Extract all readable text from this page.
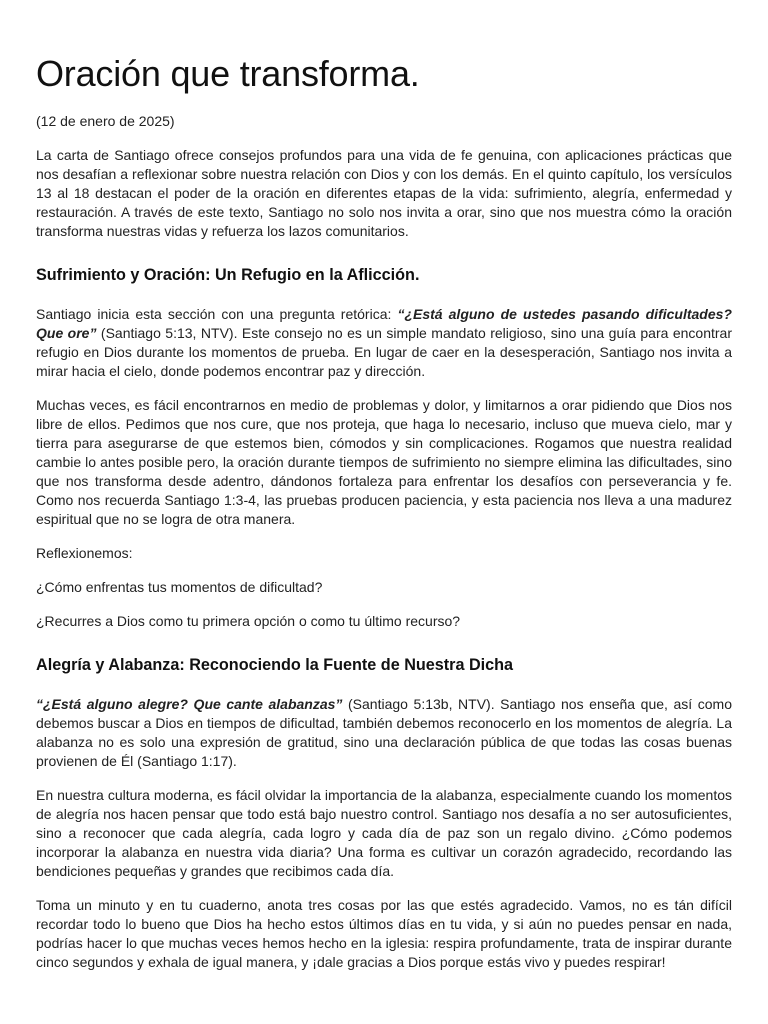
Oración que transforma.

(12 de enero de 2025)

La carta de Santiago ofrece consejos profundos para una vida de fe genuina, con aplicaciones prácticas que nos desafían a reflexionar sobre nuestra relación con Dios y con los demás. En el quinto capítulo, los versículos 13 al 18 destacan el poder de la oración en diferentes etapas de la vida: sufrimiento, alegría, enfermedad y restauración. A través de este texto, Santiago no solo nos invita a orar, sino que nos muestra cómo la oración transforma nuestras vidas y refuerza los lazos comunitarios.

Sufrimiento y Oración: Un Refugio en la Aflicción.

Santiago inicia esta sección con una pregunta retórica: “¿Está alguno de ustedes pasando dificultades? Que ore” (Santiago 5:13, NTV). Este consejo no es un simple mandato religioso, sino una guía para encontrar refugio en Dios durante los momentos de prueba. En lugar de caer en la desesperación, Santiago nos invita a mirar hacia el cielo, donde podemos encontrar paz y dirección.

Muchas veces, es fácil encontrarnos en medio de problemas y dolor, y limitarnos a orar pidiendo que Dios nos libre de ellos. Pedimos que nos cure, que nos proteja, que haga lo necesario, incluso que mueva cielo, mar y tierra para asegurarse de que estemos bien, cómodos y sin complicaciones. Rogamos que nuestra realidad cambie lo antes posible pero, la oración durante tiempos de sufrimiento no siempre elimina las dificultades, sino que nos transforma desde adentro, dándonos fortaleza para enfrentar los desafíos con perseverancia y fe. Como nos recuerda Santiago 1:3-4, las pruebas producen paciencia, y esta paciencia nos lleva a una madurez espiritual que no se logra de otra manera.

Reflexionemos:

¿Cómo enfrentas tus momentos de dificultad?

¿Recurres a Dios como tu primera opción o como tu último recurso?

Alegría y Alabanza: Reconociendo la Fuente de Nuestra Dicha

“¿Está alguno alegre? Que cante alabanzas” (Santiago 5:13b, NTV). Santiago nos enseña que, así como debemos buscar a Dios en tiempos de dificultad, también debemos reconocerlo en los momentos de alegría. La alabanza no es solo una expresión de gratitud, sino una declaración pública de que todas las cosas buenas provienen de Él (Santiago 1:17).

En nuestra cultura moderna, es fácil olvidar la importancia de la alabanza, especialmente cuando los momentos de alegría nos hacen pensar que todo está bajo nuestro control. Santiago nos desafía a no ser autosuficientes, sino a reconocer que cada alegría, cada logro y cada día de paz son un regalo divino. ¿Cómo podemos incorporar la alabanza en nuestra vida diaria? Una forma es cultivar un corazón agradecido, recordando las bendiciones pequeñas y grandes que recibimos cada día.

Toma un minuto y en tu cuaderno, anota tres cosas por las que estés agradecido. Vamos, no es tán difícil recordar todo lo bueno que Dios ha hecho estos últimos días en tu vida, y si aún no puedes pensar en nada, podrías hacer lo que muchas veces hemos hecho en la iglesia: respira profundamente, trata de inspirar durante cinco segundos y exhala de igual manera, y ¡dale gracias a Dios porque estás vivo y puedes respirar!
